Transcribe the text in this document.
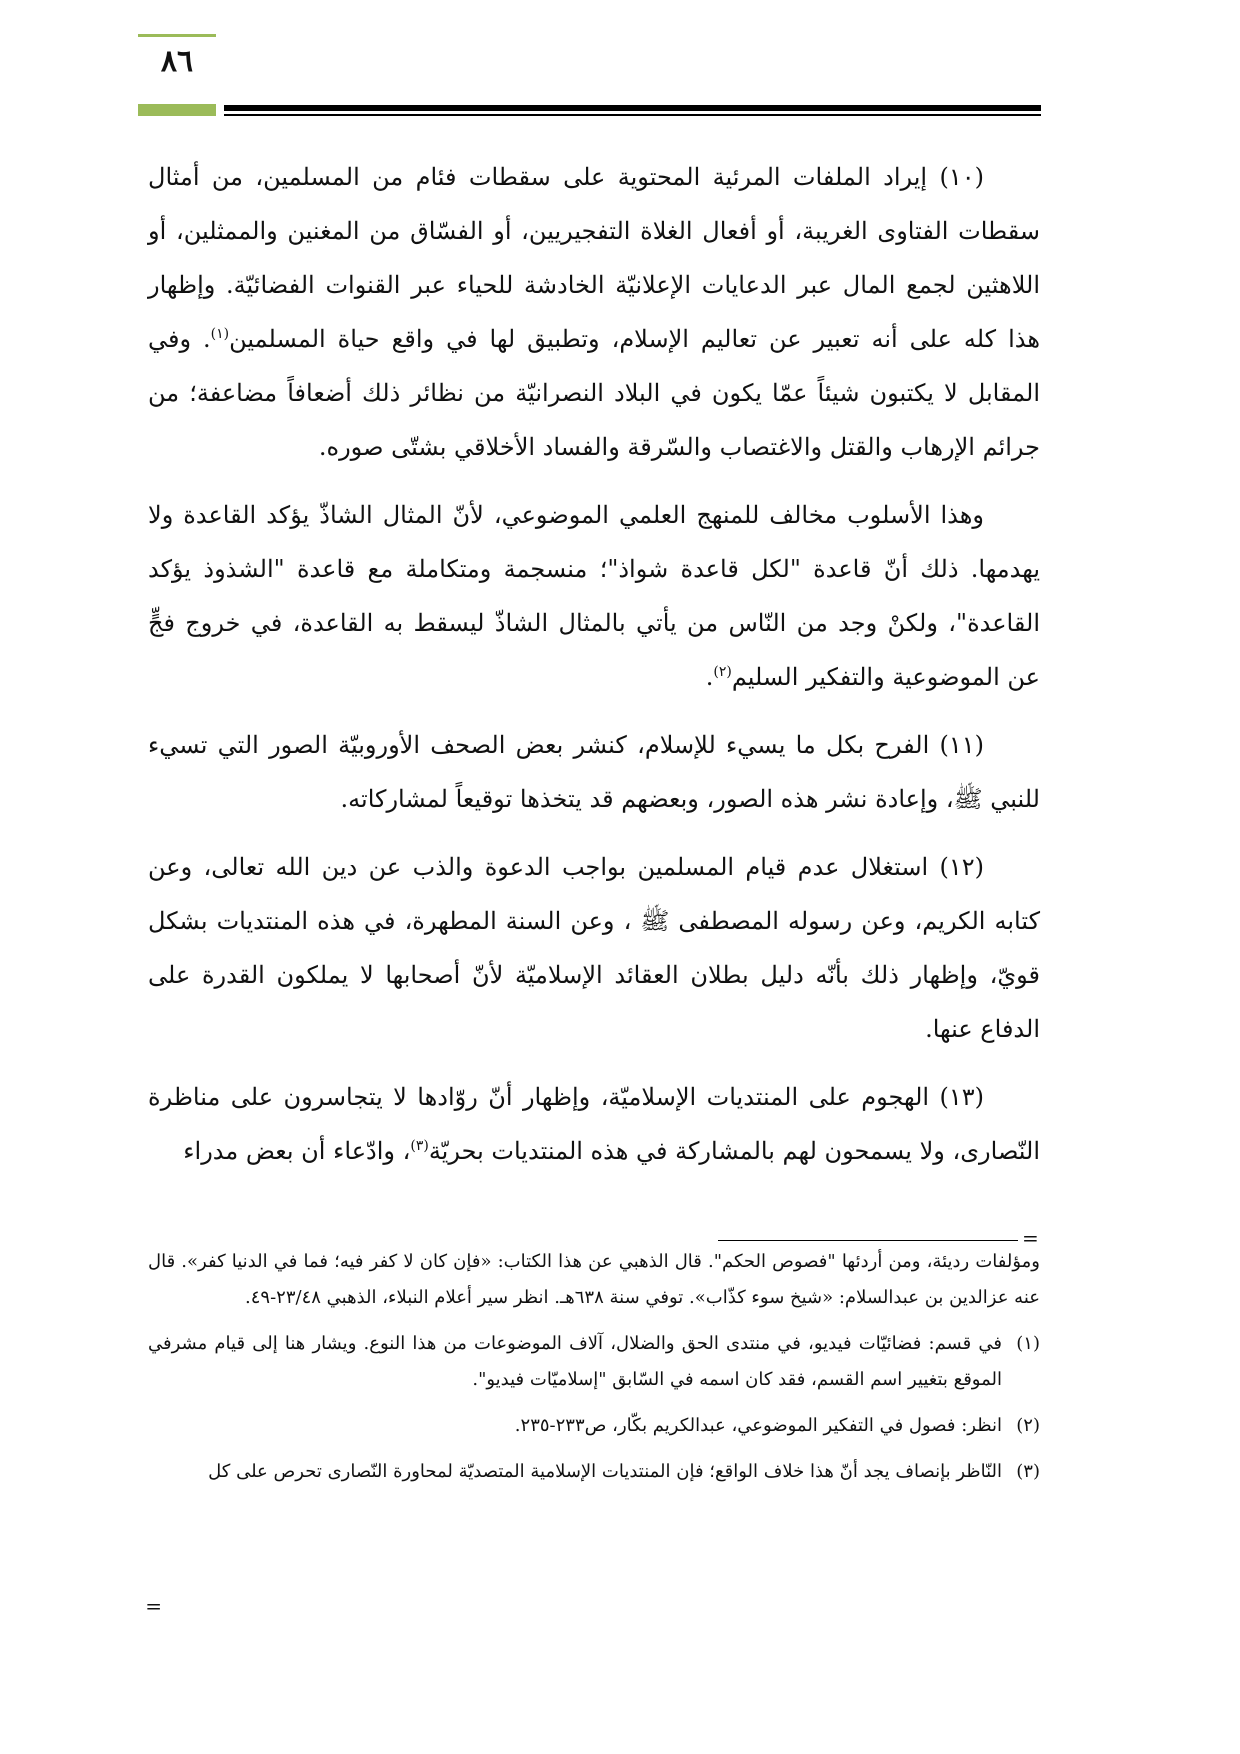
٨٦

(١٠) إيراد الملفات المرئية المحتوية على سقطات فئام من المسلمين، من أمثال سقطات الفتاوى الغريبة، أو أفعال الغلاة التفجيريين، أو الفسّاق من المغنين والممثلين، أو اللاهثين لجمع المال عبر الدعايات الإعلانيّة الخادشة للحياء عبر القنوات الفضائيّة. وإظهار هذا كله على أنه تعبير عن تعاليم الإسلام، وتطبيق لها في واقع حياة المسلمين$^{(١)}$. وفي المقابل لا يكتبون شيئاً عمّا يكون في البلاد النصرانيّة من نظائر ذلك أضعافاً مضاعفة؛ من جرائم الإرهاب والقتل والاغتصاب والسّرقة والفساد الأخلاقي بشتّى صوره.

وهذا الأسلوب مخالف للمنهج العلمي الموضوعي، لأنّ المثال الشاذّ يؤكد القاعدة ولا يهدمها. ذلك أنّ قاعدة "لكل قاعدة شواذ"؛ منسجمة ومتكاملة مع قاعدة "الشذوذ يؤكد القاعدة"، ولكنْ وجد من النّاس من يأتي بالمثال الشاذّ ليسقط به القاعدة، في خروج فجٍّ عن الموضوعية والتفكير السليم$^{(٢)}$.

(١١) الفرح بكل ما يسيء للإسلام، كنشر بعض الصحف الأوروبيّة الصور التي تسيء للنبي ﷺ، وإعادة نشر هذه الصور، وبعضهم قد يتخذها توقيعاً لمشاركاته.

(١٢) استغلال عدم قيام المسلمين بواجب الدعوة والذب عن دين الله تعالى، وعن كتابه الكريم، وعن رسوله المصطفى ﷺ ، وعن السنة المطهرة، في هذه المنتديات بشكل قويّ، وإظهار ذلك بأنّه دليل بطلان العقائد الإسلاميّة لأنّ أصحابها لا يملكون القدرة على الدفاع عنها.

(١٣) الهجوم على المنتديات الإسلاميّة، وإظهار أنّ روّادها لا يتجاسرون على مناظرة النّصارى، ولا يسمحون لهم بالمشاركة في هذه المنتديات بحريّة$^{(٣)}$، وادّعاء أن بعض مدراء

=

ومؤلفات رديئة، ومن أردئها "فصوص الحكم". قال الذهبي عن هذا الكتاب: «فإن كان لا كفر فيه؛ فما في الدنيا كفر». قال عنه عزالدين بن عبدالسلام: «شيخ سوء كذّاب». توفي سنة ٦٣٨هـ. انظر سير أعلام النبلاء، الذهبي ٢٣/٤٨-٤٩.

(١)
في قسم: فضائيّات فيديو، في منتدى الحق والضلال، آلاف الموضوعات من هذا النوع. ويشار هنا إلى قيام مشرفي الموقع بتغيير اسم القسم، فقد كان اسمه في السّابق "إسلاميّات فيديو".

(٢)
انظر: فصول في التفكير الموضوعي، عبدالكريم بكّار، ص٢٣٣-٢٣٥.

(٣)
النّاظر بإنصاف يجد أنّ هذا خلاف الواقع؛ فإن المنتديات الإسلامية المتصديّة لمحاورة النّصارى تحرص على كل

=
